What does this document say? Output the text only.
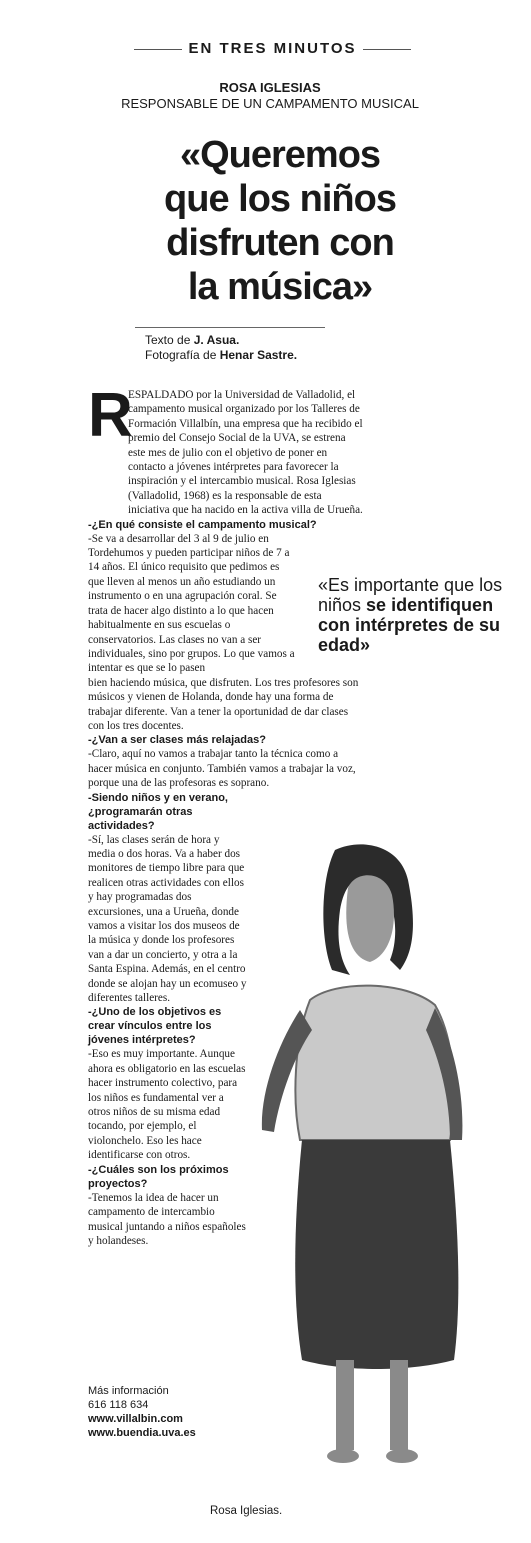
EN TRES MINUTOS
ROSA IGLESIAS
RESPONSABLE DE UN CAMPAMENTO MUSICAL
«Queremos
que los niños
disfruten con
la música»
Texto de J. Asua.
Fotografía de Henar Sastre.
R

ESPALDADO por la Universidad de Valladolid, el campamento musical organizado por los Talleres de Formación Villalbín, una empresa que ha recibido el premio del Consejo Social de la UVA, se estrena este mes de julio con el objetivo de poner en contacto a jóvenes intérpretes para favorecer la inspiración y el intercambio musical. Rosa Iglesias (Valladolid, 1968) es la responsable de esta iniciativa que ha nacido en la activa villa de Urueña.

-¿En qué consiste el campamento musical?

-Se va a desarrollar del 3 al 9 de julio en Tordehumos y pueden participar niños de 7 a 14 años. El único requisito que pedimos es que lleven al menos un año estudiando un instrumento o en una agrupación coral. Se trata de hacer algo distinto a lo que hacen habitualmente en sus escuelas o conservatorios. Las clases no van a ser individuales, sino por grupos. Lo que vamos a intentar es que se lo pasen

bien haciendo música, que disfruten. Los tres profesores son músicos y vienen de Holanda, donde hay una forma de trabajar diferente. Van a tener la oportunidad de dar clases con los tres docentes.

-¿Van a ser clases más relajadas?

-Claro, aquí no vamos a trabajar tanto la técnica como a hacer música en conjunto. También vamos a trabajar la voz, porque una de las profesoras es soprano.

-Siendo niños y en verano, ¿programarán otras actividades?

-Sí, las clases serán de hora y media o dos horas. Va a haber dos monitores de tiempo libre para que realicen otras actividades con ellos y hay programadas dos excursiones, una a Urueña, donde vamos a visitar los dos museos de la música y donde los profesores van a dar un concierto, y otra a la Santa Espina. Además, en el centro donde se alojan hay un ecomuseo y diferentes talleres.

-¿Uno de los objetivos es crear vínculos entre los jóvenes intérpretes?

-Eso es muy importante. Aunque ahora es obligatorio en las escuelas hacer instrumento colectivo, para

los niños es fundamental ver a otros niños de su misma edad tocando, por ejemplo, el violonchelo. Eso les hace identificarse con otros.

-¿Cuáles son los próximos proyectos?

-Tenemos la idea de hacer un campamento de intercambio musical juntando a niños españoles y holandeses.

«Es importante que los niños se identifiquen con intérpretes de su edad»
Más información
616 118 634
www.villalbin.com
www.buendia.uva.es
Rosa Iglesias.
